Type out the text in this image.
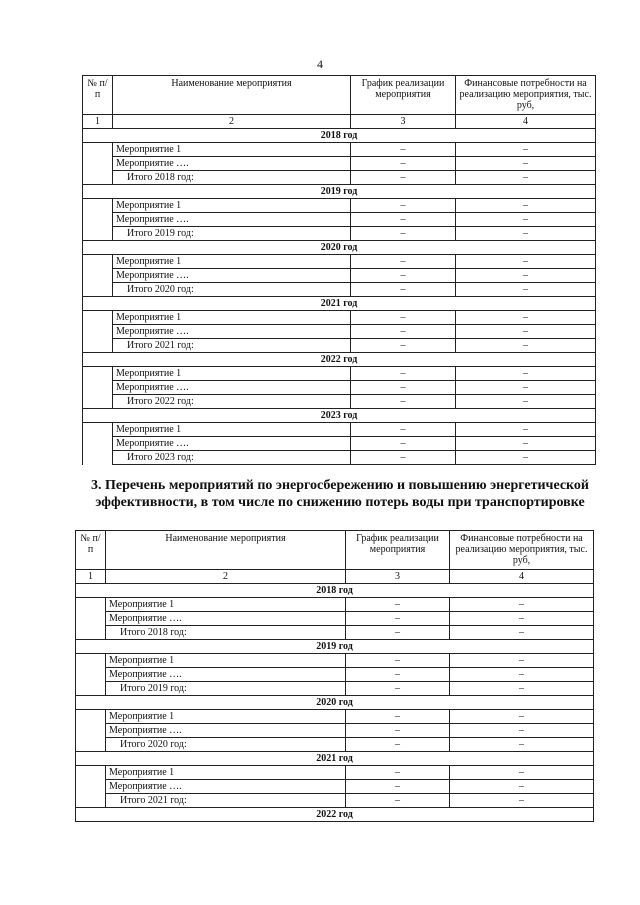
4
№ п/п	Наименование мероприятия	График реализации мероприятия	Финансовые потребности на реализацию мероприятия, тыс. руб,
1	2	3	4
2018 год			
	Мероприятие 1	–	–
	Мероприятие ….	–	–
	Итого 2018 год:	–	–
2019 год			
	Мероприятие 1	–	–
	Мероприятие ….	–	–
	Итого 2019 год:	–	–
2020 год			
	Мероприятие 1	–	–
	Мероприятие ….	–	–
	Итого 2020 год:	–	–
2021 год			
	Мероприятие 1	–	–
	Мероприятие ….	–	–
	Итого 2021 год:	–	–
2022 год			
	Мероприятие 1	–	–
	Мероприятие ….	–	–
	Итого 2022 год:	–	–
2023 год			
	Мероприятие 1	–	–
	Мероприятие ….	–	–
	Итого 2023 год:	–	–
3. Перечень мероприятий по энергосбережению и повышению энергетической эффективности, в том числе по снижению потерь воды при транспортировке
№ п/п	Наименование мероприятия	График реализации мероприятия	Финансовые потребности на реализацию мероприятия, тыс. руб,
1	2	3	4
2018 год			
	Мероприятие 1	–	–
	Мероприятие ….	–	–
	Итого 2018 год:	–	–
2019 год			
	Мероприятие 1	–	–
	Мероприятие ….	–	–
	Итого 2019 год:	–	–
2020 год			
	Мероприятие 1	–	–
	Мероприятие ….	–	–
	Итого 2020 год:	–	–
2021 год			
	Мероприятие 1	–	–
	Мероприятие ….	–	–
	Итого 2021 год:	–	–
2022 год			
